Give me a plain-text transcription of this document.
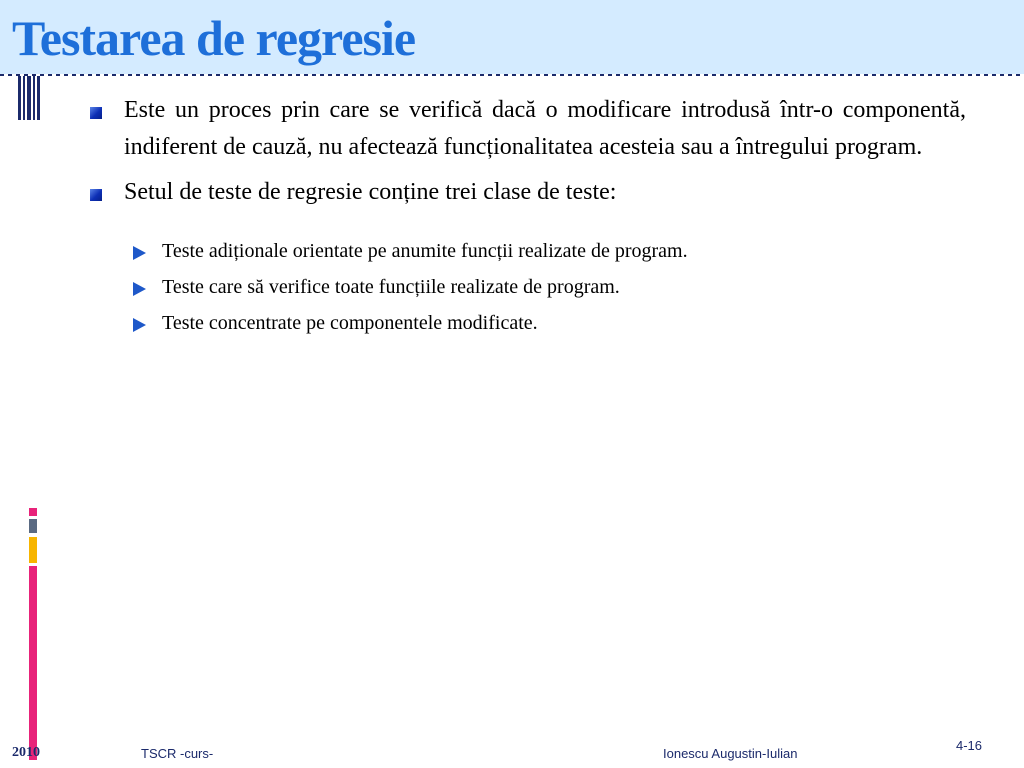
Testarea de regresie
Este un proces prin care se verifică dacă o modificare introdusă într-o componentă, indiferent de cauză, nu afectează funcționalitatea acesteia sau a întregului program.
Setul de teste de regresie conține trei clase de teste:
Teste adiționale orientate pe anumite funcții realizate de program.
Teste care să verifice toate funcțiile realizate de program.
Teste concentrate pe componentele modificate.
2010	TSCR -curs-	Ionescu Augustin-Iulian
4-16
